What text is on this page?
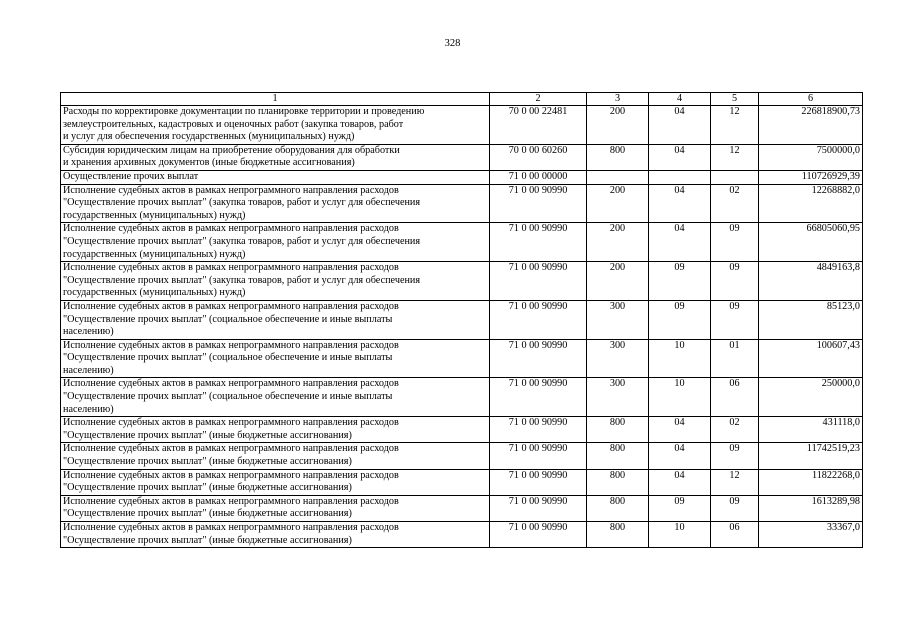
328
1	2	3	4	5	6

Расходы по корректировке документации по планировке территории и проведению
землеустроительных, кадастровых и оценочных работ (закупка товаров, работ
и услуг для обеспечения государственных (муниципальных) нужд)	70 0 00 22481	200	04	12	226818900,73

Субсидия юридическим лицам на приобретение оборудования для обработки
и хранения архивных документов (иные бюджетные ассигнования)	70 0 00 60260	800	04	12	7500000,0

Осуществление прочих выплат	71 0 00 00000				110726929,39

Исполнение судебных актов в рамках непрограммного направления расходов
"Осуществление прочих выплат" (закупка товаров, работ и услуг для обеспечения
государственных (муниципальных) нужд)	71 0 00 90990	200	04	02	12268882,0

Исполнение судебных актов в рамках непрограммного направления расходов
"Осуществление прочих выплат" (закупка товаров, работ и услуг для обеспечения
государственных (муниципальных) нужд)	71 0 00 90990	200	04	09	66805060,95

Исполнение судебных актов в рамках непрограммного направления расходов
"Осуществление прочих выплат" (закупка товаров, работ и услуг для обеспечения
государственных (муниципальных) нужд)	71 0 00 90990	200	09	09	4849163,8

Исполнение судебных актов в рамках непрограммного направления расходов
"Осуществление прочих выплат" (социальное обеспечение и иные выплаты
населению)	71 0 00 90990	300	09	09	85123,0

Исполнение судебных актов в рамках непрограммного направления расходов
"Осуществление прочих выплат" (социальное обеспечение и иные выплаты
населению)	71 0 00 90990	300	10	01	100607,43

Исполнение судебных актов в рамках непрограммного направления расходов
"Осуществление прочих выплат" (социальное обеспечение и иные выплаты
населению)	71 0 00 90990	300	10	06	250000,0

Исполнение судебных актов в рамках непрограммного направления расходов
"Осуществление прочих выплат" (иные бюджетные ассигнования)	71 0 00 90990	800	04	02	431118,0

Исполнение судебных актов в рамках непрограммного направления расходов
"Осуществление прочих выплат" (иные бюджетные ассигнования)	71 0 00 90990	800	04	09	11742519,23

Исполнение судебных актов в рамках непрограммного направления расходов
"Осуществление прочих выплат" (иные бюджетные ассигнования)	71 0 00 90990	800	04	12	11822268,0

Исполнение судебных актов в рамках непрограммного направления расходов
"Осуществление прочих выплат" (иные бюджетные ассигнования)	71 0 00 90990	800	09	09	1613289,98

Исполнение судебных актов в рамках непрограммного направления расходов
"Осуществление прочих выплат" (иные бюджетные ассигнования)	71 0 00 90990	800	10	06	33367,0
